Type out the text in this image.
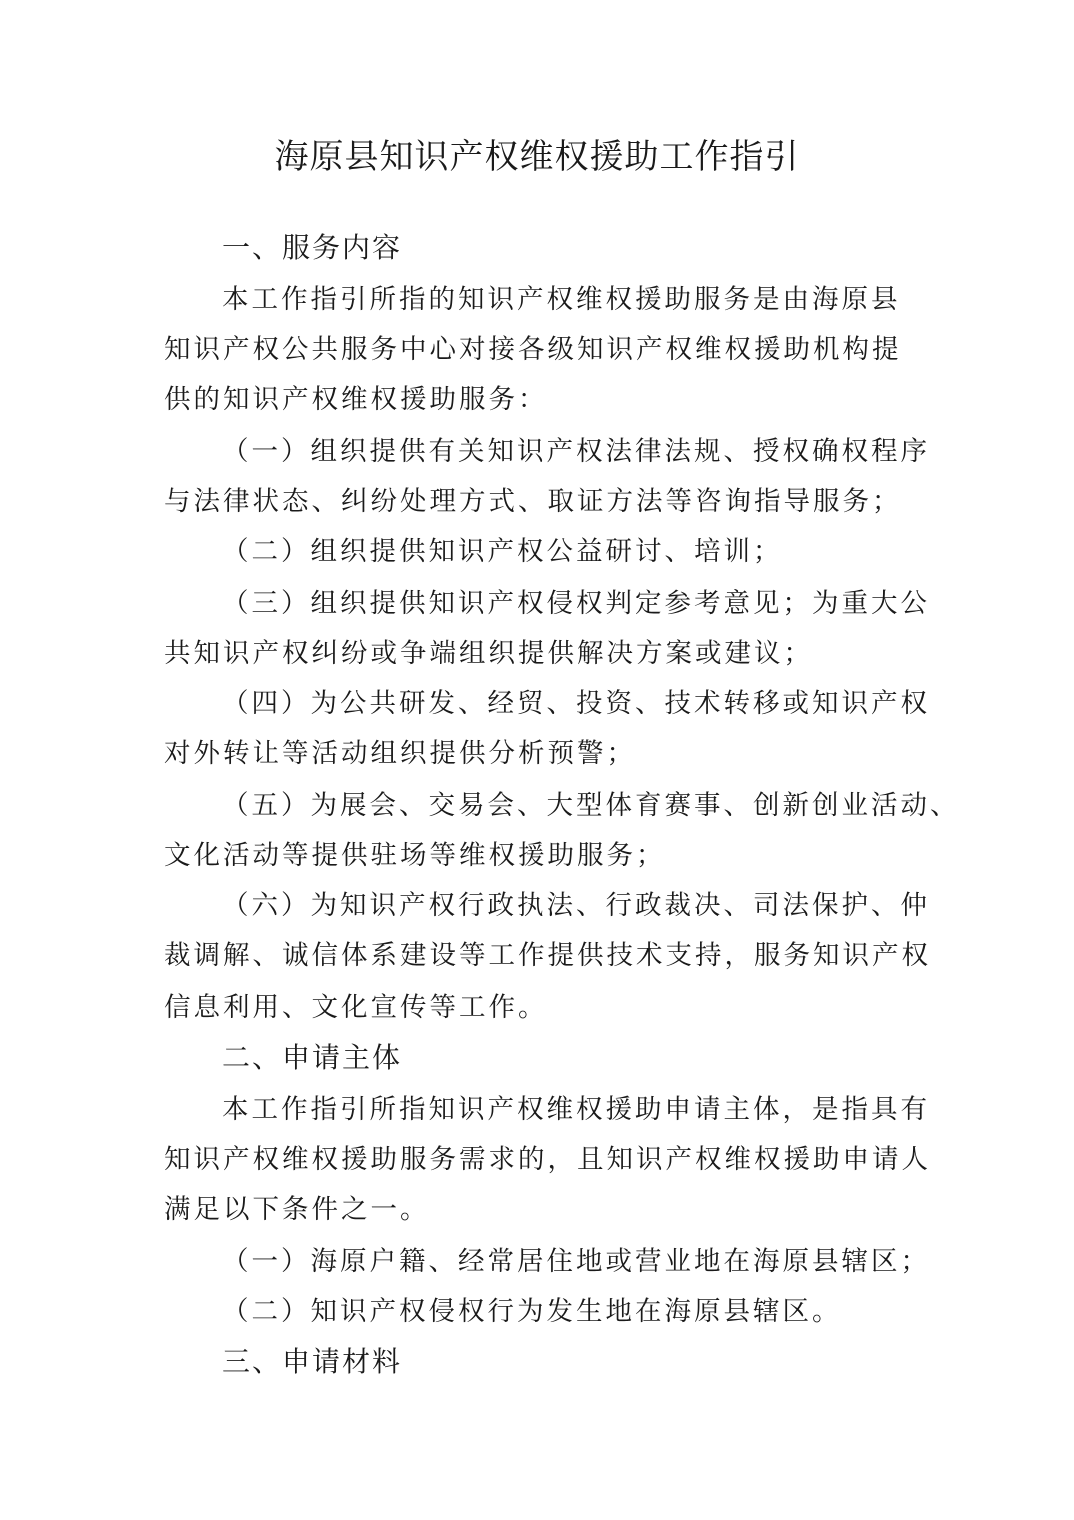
海原县知识产权维权援助工作指引
一、服务内容

本工作指引所指的知识产权维权援助服务是由海原县

知识产权公共服务中心对接各级知识产权维权援助机构提

供的知识产权维权援助服务：

（一）组织提供有关知识产权法律法规、授权确权程序

与法律状态、纠纷处理方式、取证方法等咨询指导服务；

（二）组织提供知识产权公益研讨、培训；

（三）组织提供知识产权侵权判定参考意见；为重大公

共知识产权纠纷或争端组织提供解决方案或建议；

（四）为公共研发、经贸、投资、技术转移或知识产权

对外转让等活动组织提供分析预警；

（五）为展会、交易会、大型体育赛事、创新创业活动、

文化活动等提供驻场等维权援助服务；

（六）为知识产权行政执法、行政裁决、司法保护、仲

裁调解、诚信体系建设等工作提供技术支持，服务知识产权

信息利用、文化宣传等工作。

二、申请主体

本工作指引所指知识产权维权援助申请主体，是指具有

知识产权维权援助服务需求的，且知识产权维权援助申请人

满足以下条件之一。

（一）海原户籍、经常居住地或营业地在海原县辖区；

（二）知识产权侵权行为发生地在海原县辖区。

三、申请材料
